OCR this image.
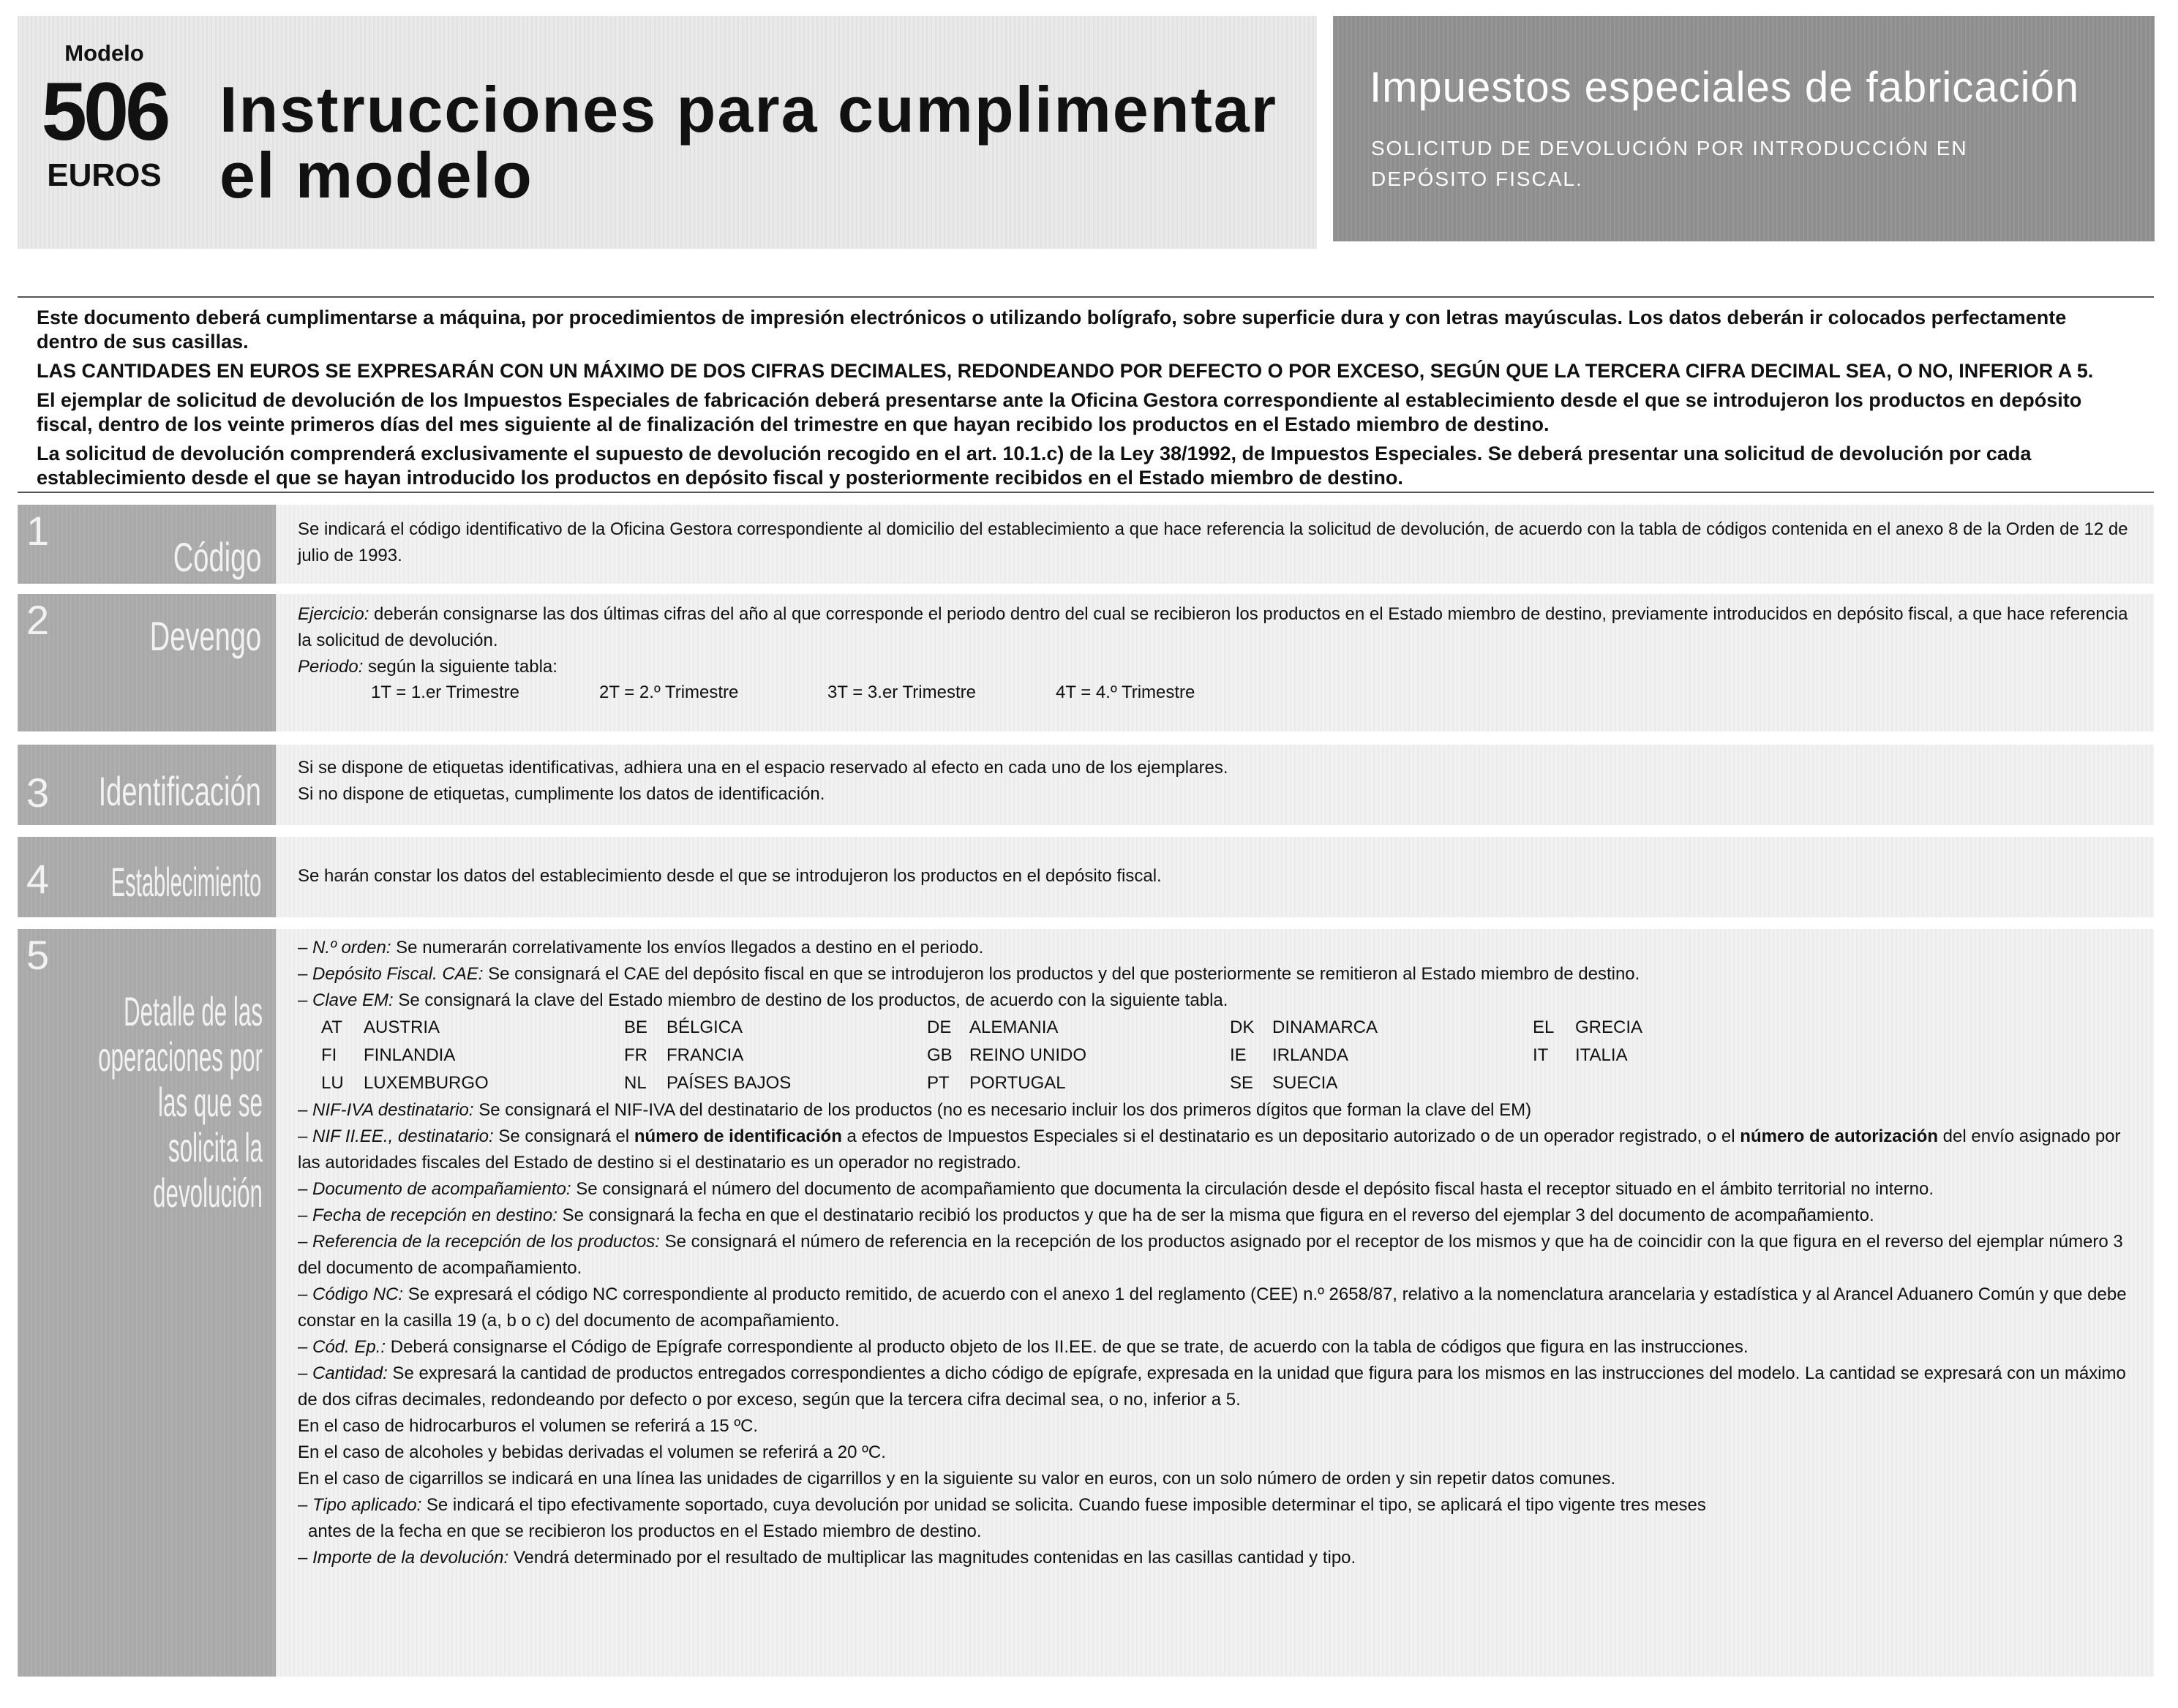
Modelo
506
EUROS
Instrucciones para cumplimentar
el modelo
Impuestos especiales de fabricación
SOLICITUD DE DEVOLUCIÓN POR INTRODUCCIÓN EN
DEPÓSITO FISCAL.

Este documento deberá cumplimentarse a máquina, por procedimientos de impresión electrónicos o utilizando bolígrafo, sobre superficie dura y con letras mayúsculas. Los datos deberán ir colocados perfectamente dentro de sus casillas.

LAS CANTIDADES EN EUROS SE EXPRESARÁN CON UN MÁXIMO DE DOS CIFRAS DECIMALES, REDONDEANDO POR DEFECTO O POR EXCESO, SEGÚN QUE LA TERCERA CIFRA DECIMAL SEA, O NO, INFERIOR A 5.

El ejemplar de solicitud de devolución de los Impuestos Especiales de fabricación deberá presentarse ante la Oficina Gestora correspondiente al establecimiento desde el que se introdujeron los productos en depósito fiscal, dentro de los veinte primeros días del mes siguiente al de finalización del trimestre en que hayan recibido los productos en el Estado miembro de destino.

La solicitud de devolución comprenderá exclusivamente el supuesto de devolución recogido en el art. 10.1.c) de la Ley 38/1992, de Impuestos Especiales. Se deberá presentar una solicitud de devolución por cada establecimiento desde el que se hayan introducido los productos en depósito fiscal y posteriormente recibidos en el Estado miembro de destino.

1
Código

Se indicará el código identificativo de la Oficina Gestora correspondiente al domicilio del establecimiento a que hace referencia la solicitud de devolución, de acuerdo con la tabla de códigos contenida en el anexo 8 de la Orden de 12 de julio de 1993.

2 Devengo	Ejercicio: deberán consignarse las dos últimas cifras del año al que corresponde el periodo dentro del cual se recibieron los productos en el Estado miembro de destino, previamente introducidos en depósito fiscal, a que hace referencia la solicitud de devolución.

Periodo: según la siguiente tabla:

1T = 1.er Trimestre	2T = 2.º Trimestre	3T = 3.er Trimestre	4T = 4.º Trimestre
3 Identificación

Si se dispone de etiquetas identificativas, adhiera una en el espacio reservado al efecto en cada uno de los ejemplares.

Si no dispone de etiquetas, cumplimente los datos de identificación.

4 Establecimiento	Se harán constar los datos del establecimiento desde el que se introdujeron los productos en el depósito fiscal.

5
Detalle de las
operaciones por
las que se
solicita la
devolución

– N.º orden: Se numerarán correlativamente los envíos llegados a destino en el periodo.

– Depósito Fiscal. CAE: Se consignará el CAE del depósito fiscal en que se introdujeron los productos y del que posteriormente se remitieron al Estado miembro de destino.

– Clave EM: Se consignará la clave del Estado miembro de destino de los productos, de acuerdo con la siguiente tabla.

AT AUSTRIA	BE BÉLGICA	DE ALEMANIA	DK DINAMARCA	EL GRECIA
FI FINLANDIA	FR FRANCIA	GB REINO UNIDO	IE IRLANDA	IT ITALIA
LU LUXEMBURGO	NL PAÍSES BAJOS	PT PORTUGAL	SE SUECIA

– NIF-IVA destinatario: Se consignará el NIF-IVA del destinatario de los productos (no es necesario incluir los dos primeros dígitos que forman la clave del EM)

– NIF II.EE., destinatario: Se consignará el número de identificación a efectos de Impuestos Especiales si el destinatario es un depositario autorizado o de un operador registrado, o el número de autorización del envío asignado por las autoridades fiscales del Estado de destino si el destinatario es un operador no registrado.

– Documento de acompañamiento: Se consignará el número del documento de acompañamiento que documenta la circulación desde el depósito fiscal hasta el receptor situado en el ámbito territorial no interno.

– Fecha de recepción en destino: Se consignará la fecha en que el destinatario recibió los productos y que ha de ser la misma que figura en el reverso del ejemplar 3 del documento de acompañamiento.

– Referencia de la recepción de los productos: Se consignará el número de referencia en la recepción de los productos asignado por el receptor de los mismos y que ha de coincidir con la que figura en el reverso del ejemplar número 3 del documento de acompañamiento.

– Código NC: Se expresará el código NC correspondiente al producto remitido, de acuerdo con el anexo 1 del reglamento (CEE) n.º 2658/87, relativo a la nomenclatura arancelaria y estadística y al Arancel Aduanero Común y que debe constar en la casilla 19 (a, b o c) del documento de acompañamiento.

– Cód. Ep.: Deberá consignarse el Código de Epígrafe correspondiente al producto objeto de los II.EE. de que se trate, de acuerdo con la tabla de códigos que figura en las instrucciones.

– Cantidad: Se expresará la cantidad de productos entregados correspondientes a dicho código de epígrafe, expresada en la unidad que figura para los mismos en las instrucciones del modelo. La cantidad se expresará con un máximo de dos cifras decimales, redondeando por defecto o por exceso, según que la tercera cifra decimal sea, o no, inferior a 5.

En el caso de hidrocarburos el volumen se referirá a 15 ºC.

En el caso de alcoholes y bebidas derivadas el volumen se referirá a 20 ºC.

En el caso de cigarrillos se indicará en una línea las unidades de cigarrillos y en la siguiente su valor en euros, con un solo número de orden y sin repetir datos comunes.

– Tipo aplicado: Se indicará el tipo efectivamente soportado, cuya devolución por unidad se solicita. Cuando fuese imposible determinar el tipo, se aplicará el tipo vigente tres meses

antes de la fecha en que se recibieron los productos en el Estado miembro de destino.

– Importe de la devolución: Vendrá determinado por el resultado de multiplicar las magnitudes contenidas en las casillas cantidad y tipo.
